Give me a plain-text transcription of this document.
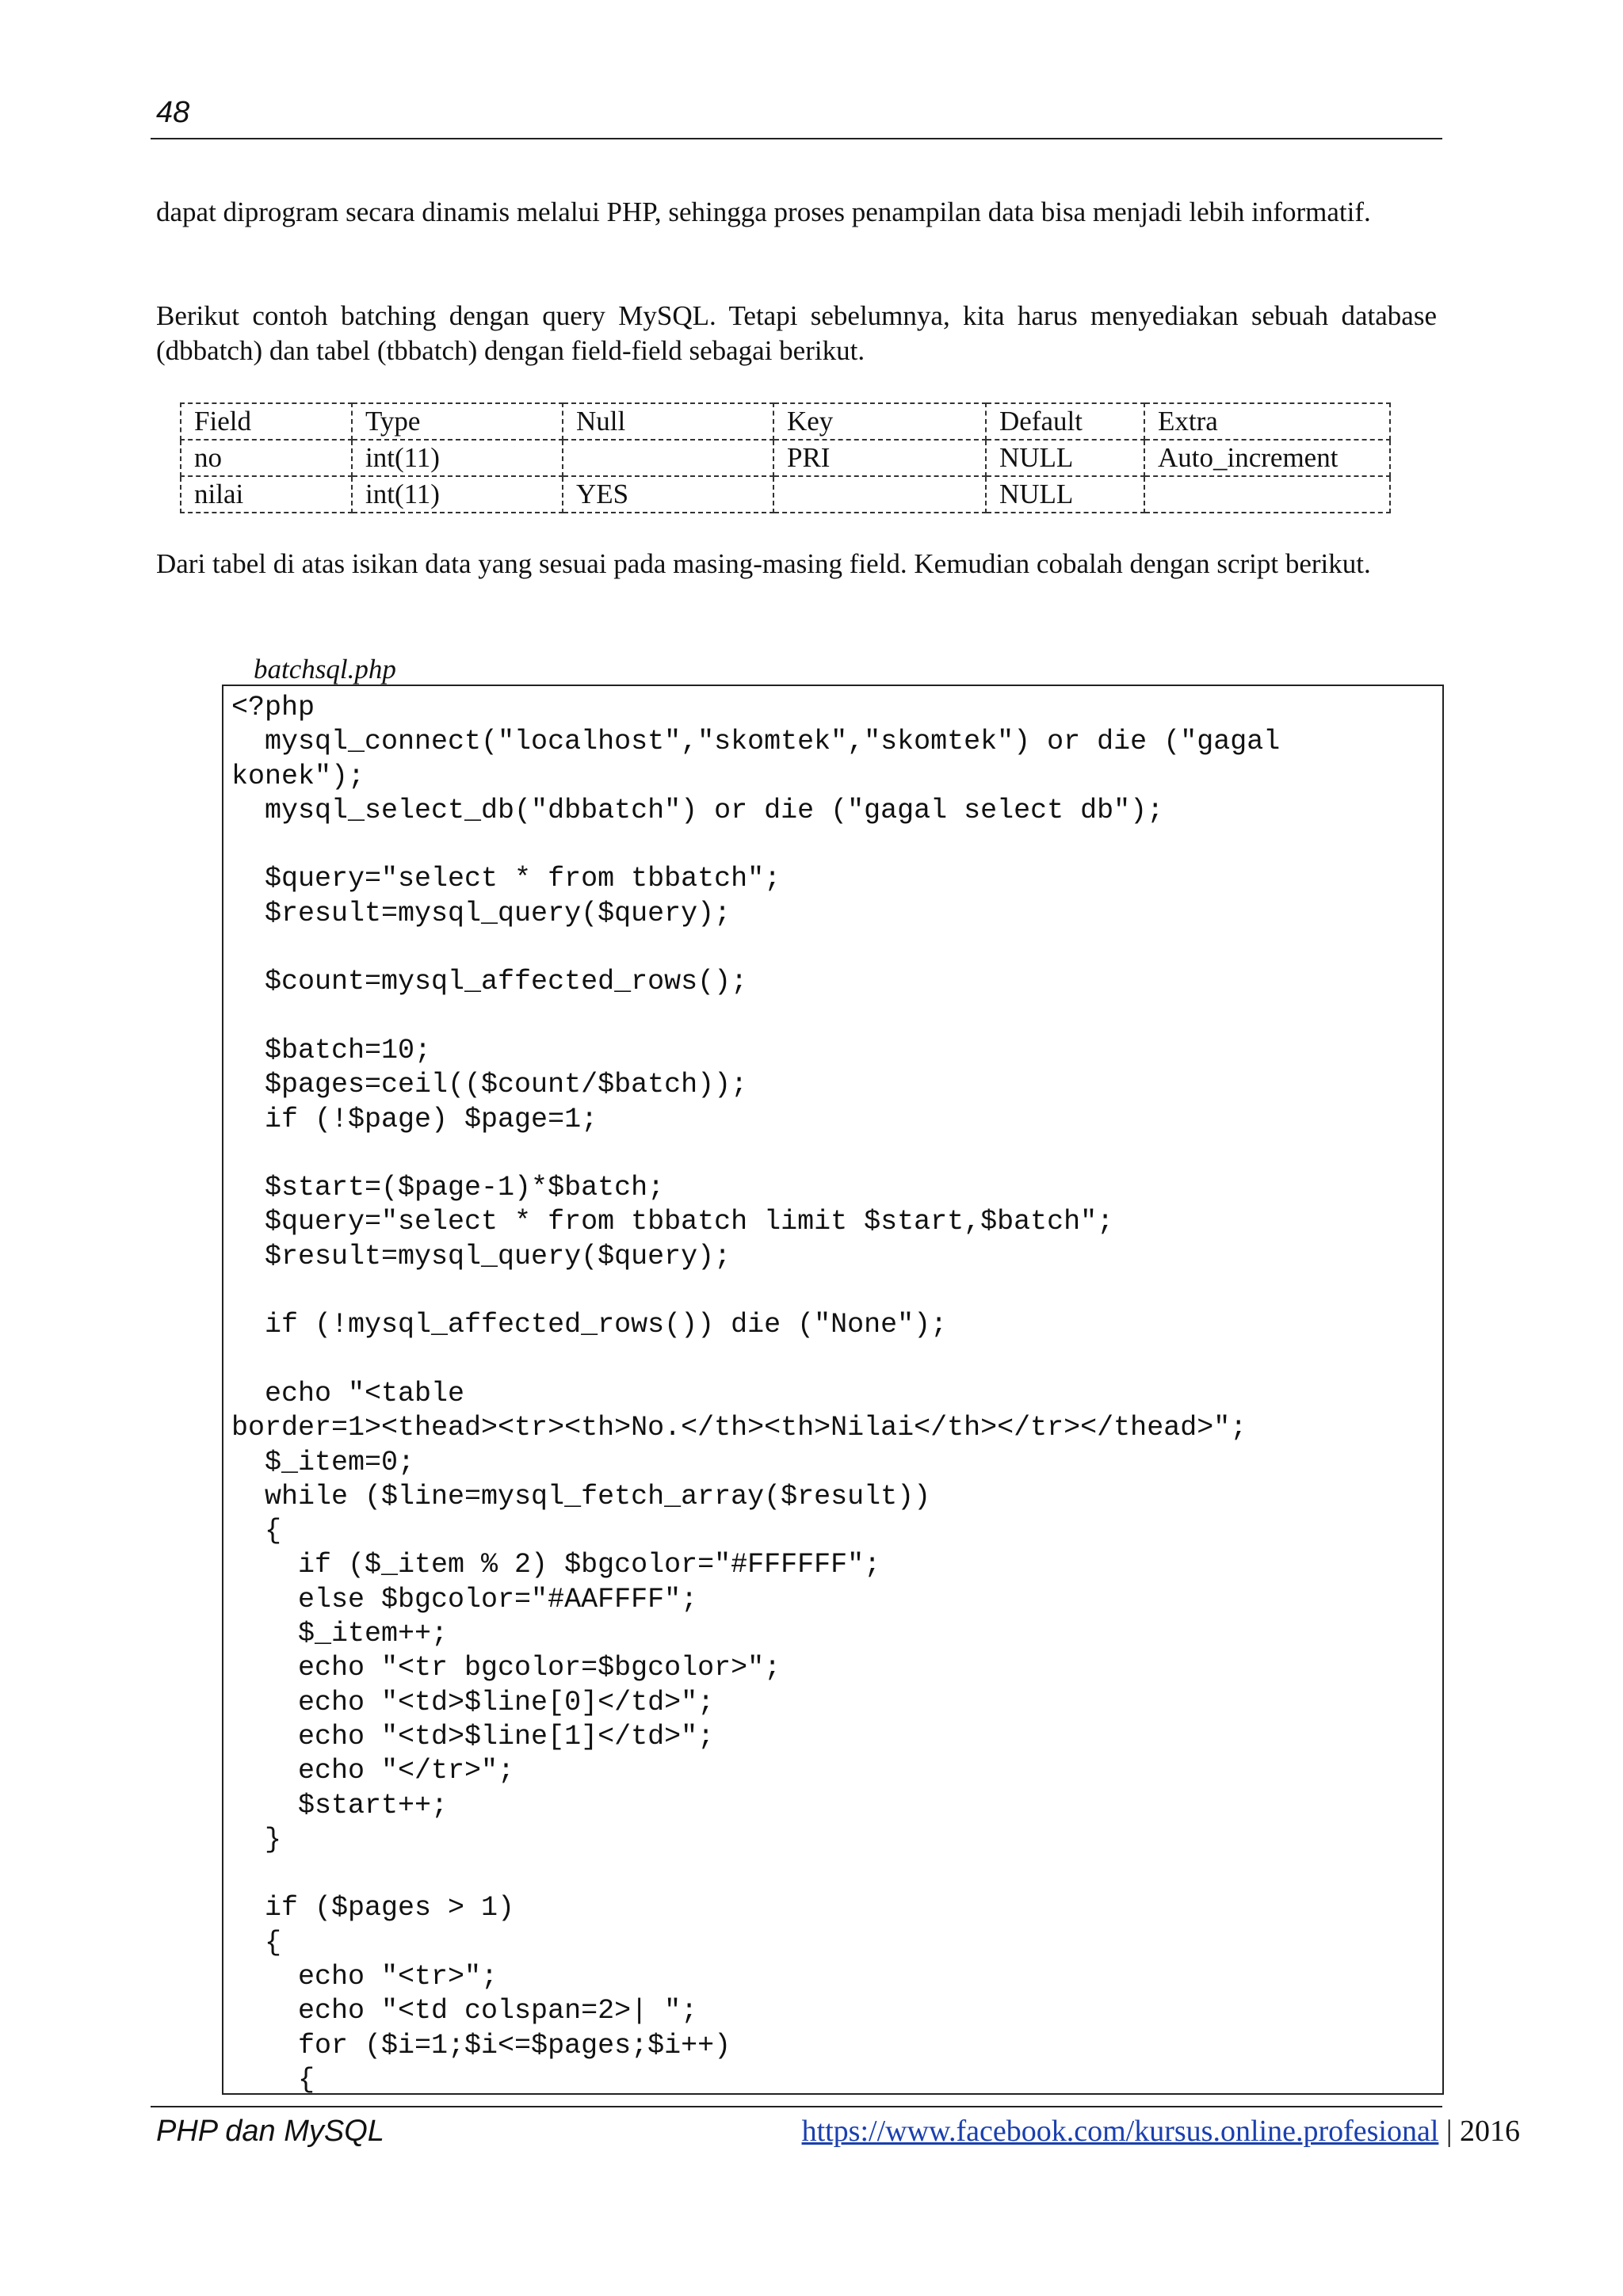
48

dapat diprogram secara dinamis melalui PHP, sehingga proses penampilan data bisa menjadi lebih informatif.

Berikut contoh batching dengan query MySQL. Tetapi sebelumnya, kita harus menyediakan sebuah database (dbbatch) dan tabel (tbbatch) dengan field-field sebagai berikut.

Field	Type	Null	Key	Default	Extra
no	int(11)		PRI	NULL	Auto_increment
nilai	int(11)	YES		NULL	

Dari tabel di atas isikan data yang sesuai pada masing-masing field. Kemudian cobalah dengan script berikut.

batchsql.php
<?php
mysql_connect("localhost","skomtek","skomtek") or die ("gagal
konek");
mysql_select_db("dbbatch") or die ("gagal select db");

$query="select * from tbbatch";
$result=mysql_query($query);

$count=mysql_affected_rows();

$batch=10;
$pages=ceil(($count/$batch));
if (!$page) $page=1;

$start=($page-1)*$batch;
$query="select * from tbbatch limit $start,$batch";
$result=mysql_query($query);

if (!mysql_affected_rows()) die ("None");

echo "<table
border=1><thead><tr><th>No.</th><th>Nilai</th></tr></thead>";
$_item=0;
while ($line=mysql_fetch_array($result))
{
if ($_item % 2) $bgcolor="#FFFFFF";
else $bgcolor="#AAFFFF";
$_item++;
echo "<tr bgcolor=$bgcolor>";
echo "<td>$line[0]</td>";
echo "<td>$line[1]</td>";
echo "</tr>";
$start++;
}

if ($pages > 1)
{
echo "<tr>";
echo "<td colspan=2>| ";
for ($i=1;$i<=$pages;$i++)
{
PHP dan MySQL	https://www.facebook.com/kursus.online.profesional | 2016
